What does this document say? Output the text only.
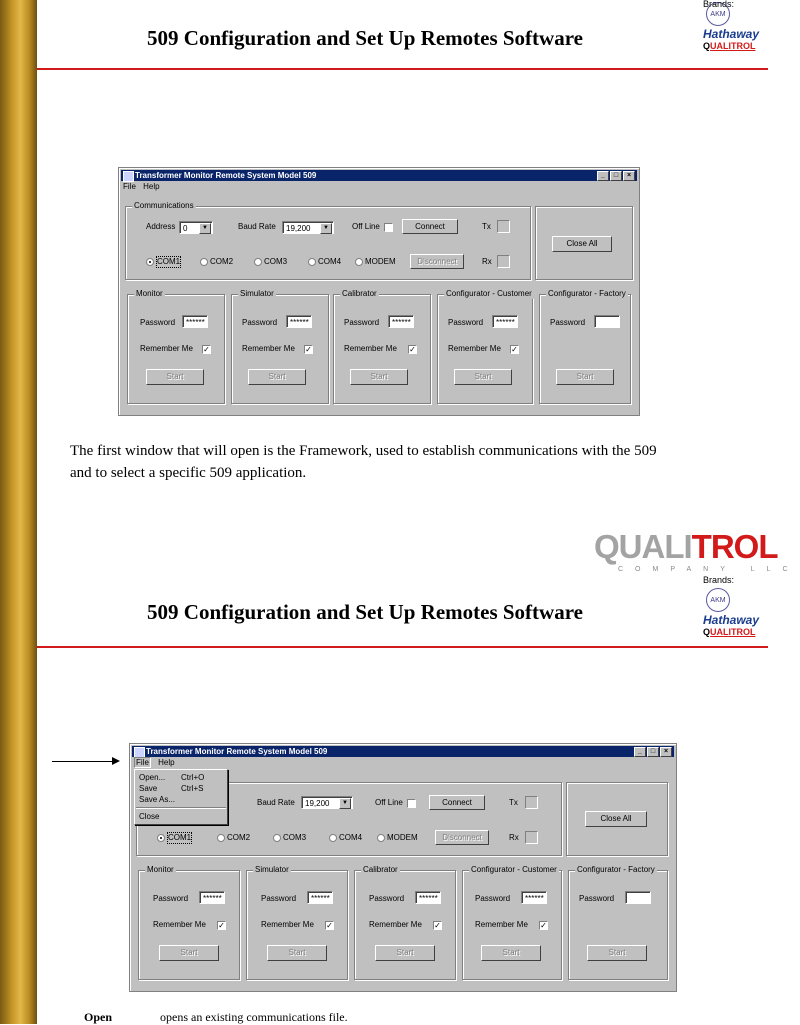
509 Configuration and Set Up Remotes Software
Brands:
AKM
Hathaway
QUALITROL
Transformer Monitor Remote System Model 509	_	□	×
File Help
Communications
Address 0	▼	Baud Rate	19,200	▼	Off Line	Connect	Tx
COM1	COM2	COM3	COM4	MODEM	Disconnect	Rx
Close All
Monitor
Password	******
Remember Me ✓
Start
Simulator
Password	******
Remember Me ✓
Start
Calibrator
Password	******
Remember Me ✓
Start
Configurator - Customer
Password	******
Remember Me ✓
Start
Configurator - Factory
Password
Start
The first window that will open is the Framework, used to establish communications with the 509 and to select a specific 509 application.
QUALITROL
COMPANY LLC
509 Configuration and Set Up Remotes Software
Brands:
AKM
Hathaway
QUALITROL
Transformer Monitor Remote System Model 509	_	□	×
File Help
Baud Rate	19,200	▼	Off Line	Connect	Tx
COM1	COM2	COM3	COM4	MODEM	Disconnect	Rx
Close All
Monitor
Password	******
Remember Me ✓
Start
Simulator
Password	******
Remember Me ✓
Start
Calibrator
Password	******
Remember Me ✓
Start
Configurator - Customer
Password	******
Remember Me ✓
Start
Configurator - Factory
Password
Start
Open... Ctrl+O
Save	Ctrl+S
Save As...
Close
Open	opens an existing communications file.
